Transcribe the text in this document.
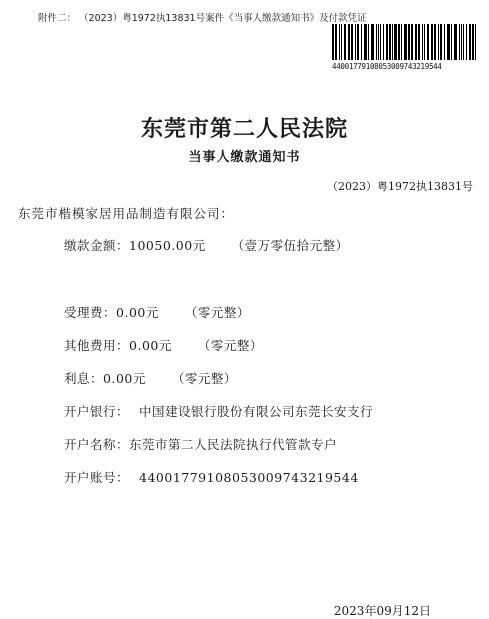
附件二： （2023）粤1972执13831号案件《当事人缴款通知书》及付款凭证
44001779108053009743219544
东莞市第二人民法院
当事人缴款通知书
（2023）粤1972执13831号
东莞市楷模家居用品制造有限公司：
缴款金额：10050.00元 （壹万零伍拾元整）
受理费：0.00元 （零元整）
其他费用：0.00元 （零元整）
利息：0.00元 （零元整）
开户银行： 中国建设银行股份有限公司东莞长安支行
开户名称：东莞市第二人民法院执行代管款专户
开户账号： 44001779108053009743219544
2023年09月12日
